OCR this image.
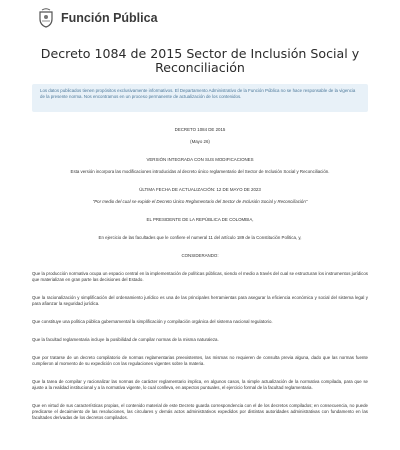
Función Pública
Decreto 1084 de 2015 Sector de Inclusión Social y Reconciliación
Los datos publicados tienen propósitos exclusivamente informativos. El Departamento Administrativo de la Función Pública no se hace responsable de la vigencia de la presente norma. Nos encontramos en un proceso permanente de actualización de los contenidos.
DECRETO 1084 DE 2015
(Mayo 26)
VERSIÓN INTEGRADA CON SUS MODIFICACIONES
Esta versión incorpora las modificaciones introducidas al decreto único reglamentario del Sector de Inclusión Social y Reconciliación.
ÚLTIMA FECHA DE ACTUALIZACIÓN: 12 DE MAYO DE 2023
"Por medio del cual se expide el Decreto Único Reglamentario del Sector de Inclusión Social y Reconciliación"
EL PRESIDENTE DE LA REPÚBLICA DE COLOMBIA,
En ejercicio de las facultades que le confiere el numeral 11 del artículo 189 de la Constitución Política, y,
CONSIDERANDO:
Que la producción normativa ocupa un espacio central en la implementación de políticas públicas, siendo el medio a través del cual se estructuran los instrumentos jurídicos que materializan en gran parte las decisiones del Estado.
Que la racionalización y simplificación del ordenamiento jurídico es una de las principales herramientas para asegurar la eficiencia económica y social del sistema legal y para afianzar la seguridad jurídica.
Que constituye una política pública gubernamental la simplificación y compilación orgánica del sistema nacional regulatorio.
Que la facultad reglamentaria incluye la posibilidad de compilar normas de la misma naturaleza.
Que por tratarse de un decreto compilatorio de normas reglamentarias preexistentes, las mismas no requieren de consulta previa alguna, dado que las normas fuente cumplieron al momento de su expedición con las regulaciones vigentes sobre la materia.
Que la tarea de compilar y racionalizar las normas de carácter reglamentario implica, en algunos casos, la simple actualización de la normativa compilada, para que se ajuste a la realidad institucional y a la normativa vigente, lo cual conlleva, en aspectos puntuales, el ejercicio formal de la facultad reglamentaria.
Que en virtud de sus características propias, el contenido material de este Decreto guarda correspondencia con el de los decretos compilados; en consecuencia, no puede predicarse el decaimiento de las resoluciones, las circulares y demás actos administrativos expedidos por distintas autoridades administrativas con fundamento en las facultades derivadas de los decretos compilados.
